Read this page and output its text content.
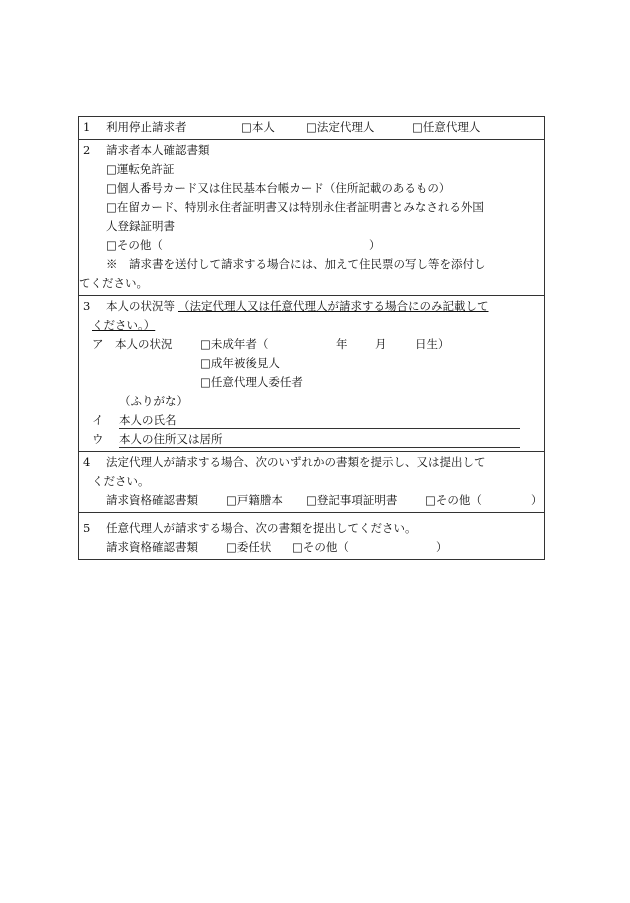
1 利用停止請求者	□本人	□法定代理人	□任意代理人
2 請求者本人確認書類
□運転免許証
□個人番号カード又は住民基本台帳カード（住所記載のあるもの）
□在留カード、特別永住者証明書又は特別永住者証明書とみなされる外国
人登録証明書
□その他（	）
※　請求書を送付して請求する場合には、加えて住民票の写し等を添付し
てください。
3 本人の状況等 （法定代理人又は任意代理人が請求する場合にのみ記載して
ください。）
ア　本人の状況 □未成年者（	年 月 日生）
□成年被後見人
□任意代理人委任者
（ふりがな）
イ 本人の氏名
ウ 本人の住所又は居所
4 法定代理人が請求する場合、次のいずれかの書類を提示し、又は提出して
ください。
請求資格確認書類 □戸籍謄本 □登記事項証明書 □その他（	）
5 任意代理人が請求する場合、次の書類を提出してください。
請求資格確認書類 □委任状 □その他（	）
